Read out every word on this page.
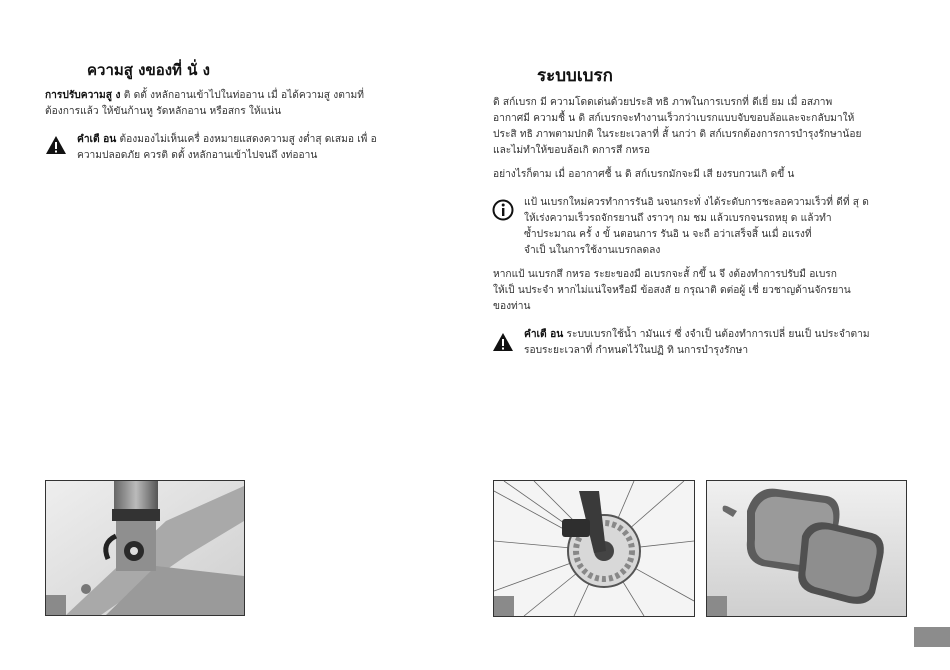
ความสู งของที่ นั่ ง
การปรับความสู ง ติ ดตั้ งหลักอานเข้าไปในท่ออาน เมื่ อได้ความสู งตามที่
ต้องการแล้ว ให้ขันก้านหู รัดหลักอาน หรือสกร ให้แน่น
คำเตื อน ต้องมองไม่เห็นเครื่ องหมายแสดงความสู งต่ำสุ ดเสมอ เพื่ อ
ความปลอดภัย ควรติ ดตั้ งหลักอานเข้าไปจนถึ งท่ออาน
ระบบเบรก
ดิ สก์เบรก มี ความโดดเด่นด้วยประสิ ทธิ ภาพในการเบรกที่ ดีเยี่ ยม เมื่ อสภาพ
อากาศมี ความชื้ น ดิ สก์เบรกจะทำงานเร็วกว่าเบรกแบบจับขอบล้อและจะกลับมาให้
ประสิ ทธิ ภาพตามปกติ ในระยะเวลาที่ สั้ นกว่า ดิ สก์เบรกต้องการการบำรุงรักษาน้อย
และไม่ทำให้ขอบล้อเกิ ดการสึ กหรอ
อย่างไรก็ตาม เมื่ ออากาศชื้ น ดิ สก์เบรกมักจะมี เสี ยงรบกวนเกิ ดขึ้ น
แป้ นเบรกใหม่ควรทำการรันอิ นจนกระทั่ งได้ระดับการชะลอความเร็วที่ ดีที่ สุ ด
ให้เร่งความเร็วรถจักรยานถึ งราวๆ กม ชม แล้วเบรกจนรถหยุ ด แล้วทำ
ซ้ำประมาณ ครั้ ง ขั้ นตอนการ รันอิ น จะถื อว่าเสร็จสิ้ นเมื่ อแรงที่
จำเป็ นในการใช้งานเบรกลดลง
หากแป้ นเบรกสึ กหรอ ระยะของมื อเบรกจะสั้ กขึ้ น จึ งต้องทำการปรับมื อเบรก
ให้เป็ นประจำ หากไม่แน่ใจหรือมี ข้อสงสั ย กรุณาติ ดต่อผู้ เชี่ ยวชาญด้านจักรยาน
ของท่าน
คำเตื อน ระบบเบรกใช้น้ำ ามันแร่ ซึ่ งจำเป็ นต้องทำการเปลี่ ยนเป็ นประจำตาม
รอบระยะเวลาที่ กำหนดไว้ในปฏิ ทิ นการบำรุงรักษา
